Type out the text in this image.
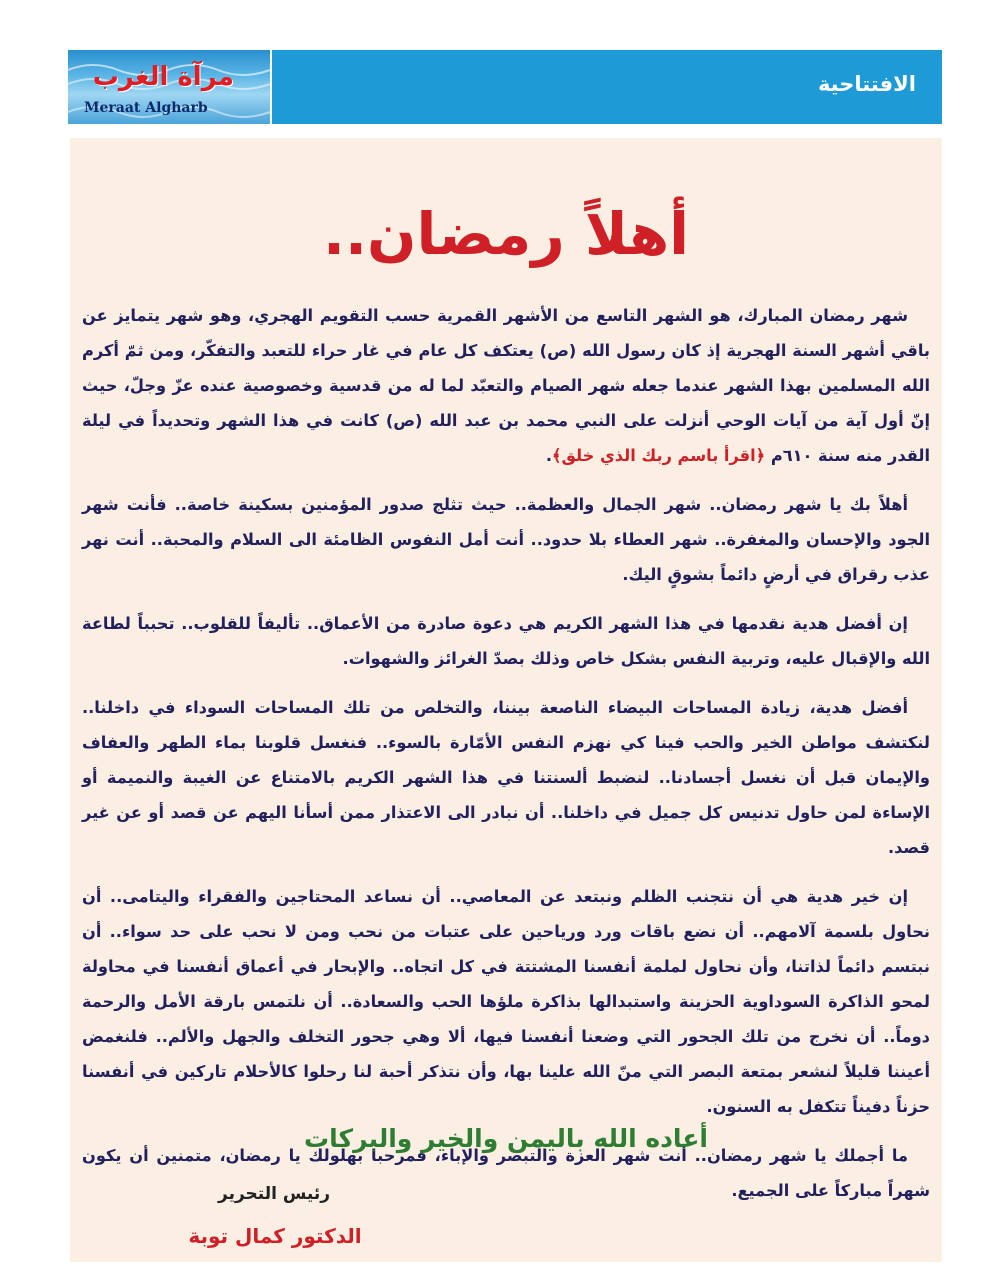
مرآة الغرب
Meraat Algharb
الافتتاحية
أهلاً رمضان..

شهر رمضان المبارك، هو الشهر التاسع من الأشهر القمرية حسب التقويم الهجري، وهو شهر يتمايز عن باقي أشهر السنة الهجرية إذ كان رسول الله (ص) يعتكف كل عام في غار حراء للتعبد والتفكّر، ومن ثمّ أكرم الله المسلمين بهذا الشهر عندما جعله شهر الصيام والتعبّد لما له من قدسية وخصوصية عنده عزّ وجلّ، حيث إنّ أول آية من آيات الوحي أنزلت على النبي محمد بن عبد الله (ص) كانت في هذا الشهر وتحديداً في ليلة القدر منه سنة ٦١٠م ﴿اقرأ باسم ربك الذي خلق﴾.

أهلاً بك يا شهر رمضان.. شهر الجمال والعظمة.. حيث تثلج صدور المؤمنين بسكينة خاصة.. فأنت شهر الجود والإحسان والمغفرة.. شهر العطاء بلا حدود.. أنت أمل النفوس الظامئة الى السلام والمحبة.. أنت نهر عذب رقراق في أرضٍ دائماً بشوقٍ اليك.

إن أفضل هدية نقدمها في هذا الشهر الكريم هي دعوة صادرة من الأعماق.. تأليفاً للقلوب.. تحبباً لطاعة الله والإقبال عليه، وتربية النفس بشكل خاص وذلك بصدّ الغرائز والشهوات.

أفضل هدية، زيادة المساحات البيضاء الناصعة بيننا، والتخلص من تلك المساحات السوداء في داخلنا.. لنكتشف مواطن الخير والحب فينا كي نهزم النفس الأمّارة بالسوء.. فنغسل قلوبنا بماء الطهر والعفاف والإيمان قبل أن نغسل أجسادنا.. لنضبط ألسنتنا في هذا الشهر الكريم بالامتناع عن الغيبة والنميمة أو الإساءة لمن حاول تدنيس كل جميل في داخلنا.. أن نبادر الى الاعتذار ممن أسأنا اليهم عن قصد أو عن غير قصد.

إن خير هدية هي أن نتجنب الظلم ونبتعد عن المعاصي.. أن نساعد المحتاجين والفقراء واليتامى.. أن نحاول بلسمة آلامهم.. أن نضع باقات ورد ورياحين على عتبات من نحب ومن لا نحب على حد سواء.. أن نبتسم دائماً لذاتنا، وأن نحاول لملمة أنفسنا المشتتة في كل اتجاه.. والإبحار في أعماق أنفسنا في محاولة لمحو الذاكرة السوداوية الحزينة واستبدالها بذاكرة ملؤها الحب والسعادة.. أن نلتمس بارقة الأمل والرحمة دوماً.. أن نخرج من تلك الجحور التي وضعنا أنفسنا فيها، ألا وهي جحور التخلف والجهل والألم.. فلنغمض أعيننا قليلاً لنشعر بمتعة البصر التي منّ الله علينا بها، وأن نتذكر أحبة لنا رحلوا كالأحلام تاركين في أنفسنا حزناً دفيناً تتكفل به السنون.

ما أجملك يا شهر رمضان.. أنت شهر العزة والتبصر والإباء، فمرحبا بهلولك يا رمضان، متمنين أن يكون شهراً مباركاً على الجميع.

أعاده الله باليمن والخير والبركات
رئيس التحرير
الدكتور كمال توبة
